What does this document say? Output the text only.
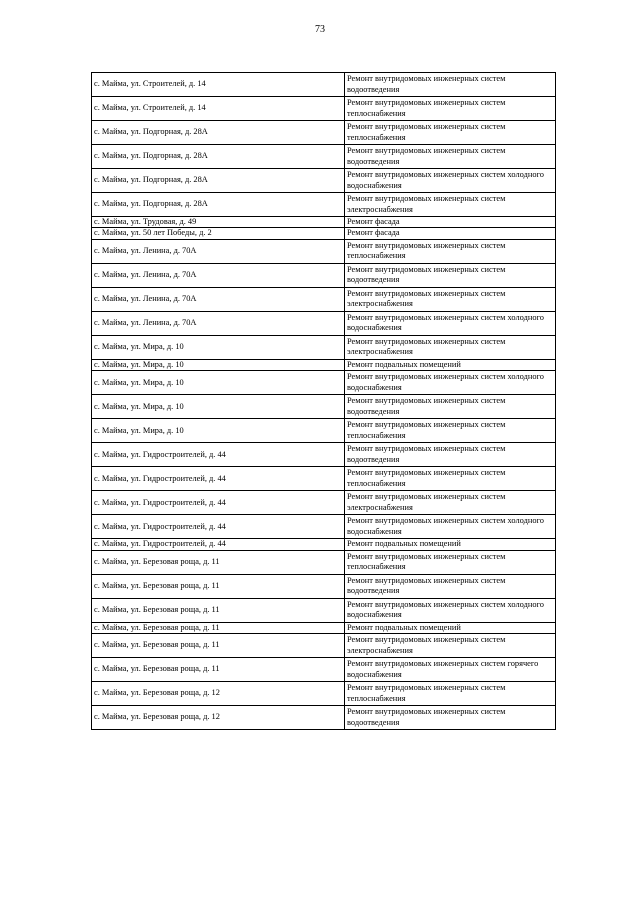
73
с. Майма, ул. Строителей, д. 14	Ремонт внутридомовых инженерных систем водоотведения
с. Майма, ул. Строителей, д. 14	Ремонт внутридомовых инженерных систем теплоснабжения
с. Майма, ул. Подгорная, д. 28А	Ремонт внутридомовых инженерных систем теплоснабжения
с. Майма, ул. Подгорная, д. 28А	Ремонт внутридомовых инженерных систем водоотведения
с. Майма, ул. Подгорная, д. 28А	Ремонт внутридомовых инженерных систем холодного водоснабжения
с. Майма, ул. Подгорная, д. 28А	Ремонт внутридомовых инженерных систем электроснабжения
с. Майма, ул. Трудовая, д. 49	Ремонт фасада
с. Майма, ул. 50 лет Победы, д. 2	Ремонт фасада
с. Майма, ул. Ленина, д. 70А	Ремонт внутридомовых инженерных систем теплоснабжения
с. Майма, ул. Ленина, д. 70А	Ремонт внутридомовых инженерных систем водоотведения
с. Майма, ул. Ленина, д. 70А	Ремонт внутридомовых инженерных систем электроснабжения
с. Майма, ул. Ленина, д. 70А	Ремонт внутридомовых инженерных систем холодного водоснабжения
с. Майма, ул. Мира, д. 10	Ремонт внутридомовых инженерных систем электроснабжения
с. Майма, ул. Мира, д. 10	Ремонт подвальных помещений
с. Майма, ул. Мира, д. 10	Ремонт внутридомовых инженерных систем холодного водоснабжения
с. Майма, ул. Мира, д. 10	Ремонт внутридомовых инженерных систем водоотведения
с. Майма, ул. Мира, д. 10	Ремонт внутридомовых инженерных систем теплоснабжения
с. Майма, ул. Гидростроителей, д. 44	Ремонт внутридомовых инженерных систем водоотведения
с. Майма, ул. Гидростроителей, д. 44	Ремонт внутридомовых инженерных систем теплоснабжения
с. Майма, ул. Гидростроителей, д. 44	Ремонт внутридомовых инженерных систем электроснабжения
с. Майма, ул. Гидростроителей, д. 44	Ремонт внутридомовых инженерных систем холодного водоснабжения
с. Майма, ул. Гидростроителей, д. 44	Ремонт подвальных помещений
с. Майма, ул. Березовая роща, д. 11	Ремонт внутридомовых инженерных систем теплоснабжения
с. Майма, ул. Березовая роща, д. 11	Ремонт внутридомовых инженерных систем водоотведения
с. Майма, ул. Березовая роща, д. 11	Ремонт внутридомовых инженерных систем холодного водоснабжения
с. Майма, ул. Березовая роща, д. 11	Ремонт подвальных помещений
с. Майма, ул. Березовая роща, д. 11	Ремонт внутридомовых инженерных систем электроснабжения
с. Майма, ул. Березовая роща, д. 11	Ремонт внутридомовых инженерных систем горячего водоснабжения
с. Майма, ул. Березовая роща, д. 12	Ремонт внутридомовых инженерных систем теплоснабжения
с. Майма, ул. Березовая роща, д. 12	Ремонт внутридомовых инженерных систем водоотведения
